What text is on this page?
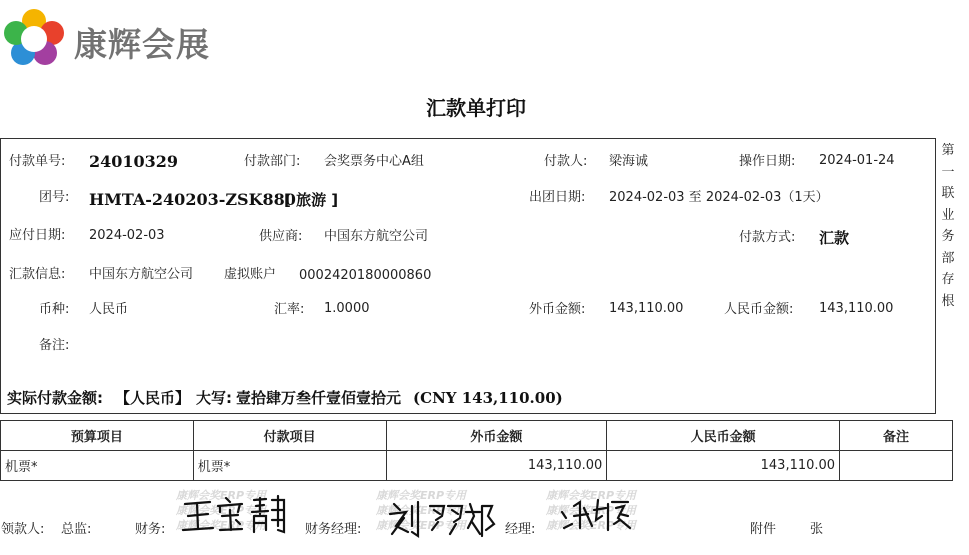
康辉会展
汇款单打印
第
一
联
业
务
部
存
根
付款单号: 24010329	付款部门: 会奖票务中心A组	付款人: 梁海诚	操作日期: 2024-01-24
团号: HMTA-240203-ZSK880
[ 旅游 ]	出团日期: 2024-02-03 至 2024-02-03（1天）
应付日期: 2024-02-03	供应商: 中国东方航空公司	付款方式: 汇款
汇款信息: 中国东方航空公司 虚拟账户 0002420180000860
币种: 人民币	汇率: 1.0000	外币金额: 143,110.00	人民币金额: 143,110.00
备注:
实际付款金额: 【人民币】 大写: 壹拾肆万叁仟壹佰壹拾元 (CNY 143,110.00)
预算项目	付款项目	外币金额	人民币金额	备注
机票*	机票*	143,110.00	143,110.00	
康辉会奖ERP专用
康辉会奖ERP专用
康辉会奖ERP专用
康辉会奖ERP专用
康辉会奖ERP专用
康辉会奖ERP专用
康辉会奖ERP专用
康辉会奖ERP专用
康辉会奖ERP专用
领款人: 总监:	财务:	财务经理:	经理:	附件	张
